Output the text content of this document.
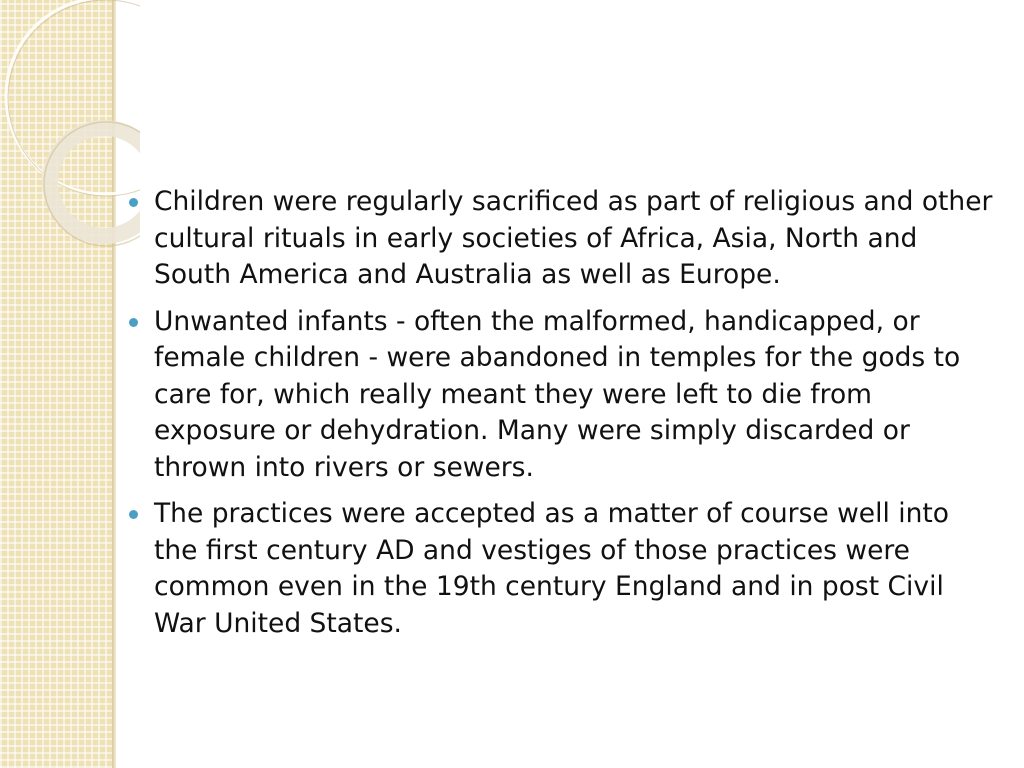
Children were regularly sacrificed as part of religious and other cultural rituals in early societies of Africa, Asia, North and South America and Australia as well as Europe.
Unwanted infants - often the malformed, handicapped, or female children - were abandoned in temples for the gods to care for, which really meant they were left to die from exposure or dehydration. Many were simply discarded or thrown into rivers or sewers.
The practices were accepted as a matter of course well into the first century AD and vestiges of those practices were common even in the 19th century England and in post Civil War United States.
